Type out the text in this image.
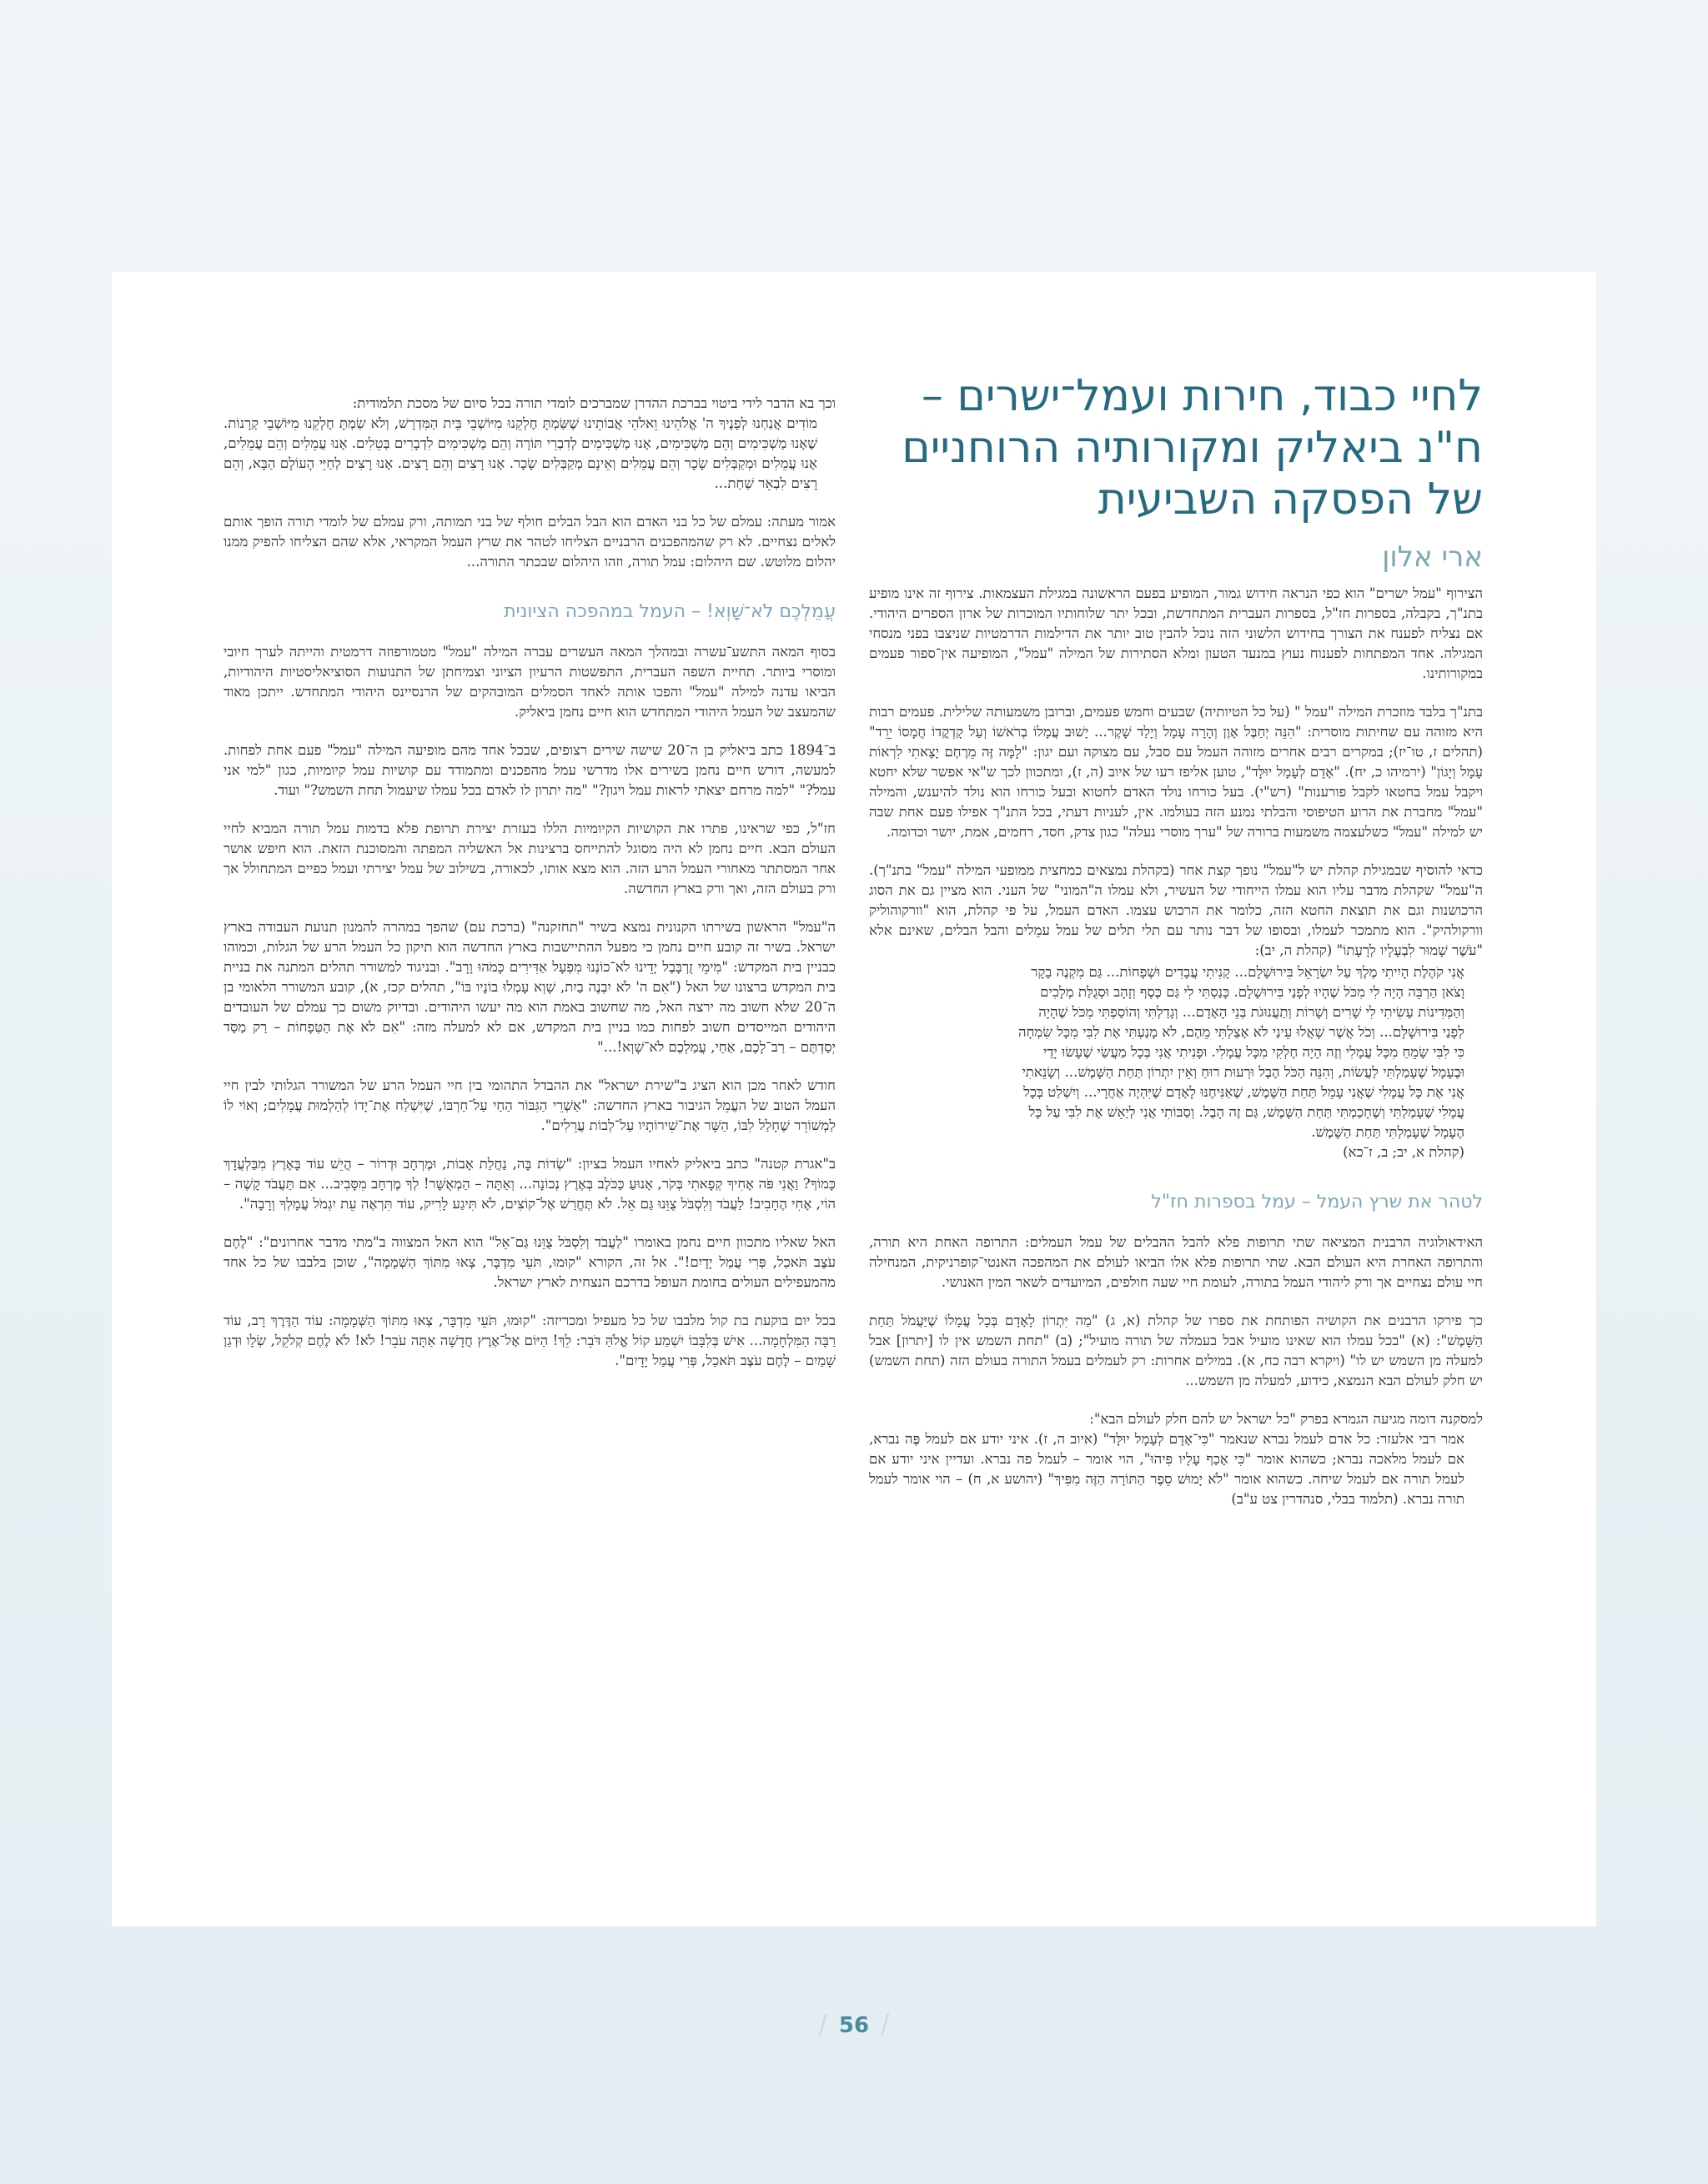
לחיי כבוד, חירות ועמל־ישרים –
ח"נ ביאליק ומקורותיה הרוחניים
של הפסקה השביעית
ארי אלון

הצירוף "עמל ישרים" הוא כפי הנראה חידוש גמור, המופיע בפעם הראשונה במגילת העצמאות. צירוף זה אינו מופיע בתנ"ך, בקבלה, בספרות חז"ל, בספרות העברית המתחדשת, ובכל יתר שלוחותיו המוכרות של ארון הספרים היהודי. אם נצליח לפענח את הצורך בחידוש הלשוני הזה נוכל להבין טוב יותר את הדילמות הדרמטיות שניצבו בפני מנסחי המגילה. אחד המפתחות לפענוח נעוץ במנעד הטעון ומלא הסתירות של המילה "עמל", המופיעה אין־ספור פעמים במקורותינו.

בתנ"ך בלבד מוזכרת המילה "עמל " (על כל הטיותיה) שבעים וחמש פעמים, וברובן משמעותה שלילית. פעמים רבות היא מזוהה עם שחיתות מוסרית: "הִנֵּה יְחַבֶּל אָוֶן וְהָרָה עָמָל וְיָלַד שָׁקֶר... יָשׁוּב עֲמָלוֹ בְרֹאשׁוֹ וְעַל קָדְקֳדוֹ חֲמָסוֹ יֵרֵד" (תהלים ז, טו־יז); במקרים רבים אחרים מזוהה העמל עם סבל, עם מצוקה ועם יגון: "לָמָּה זֶּה מֵרֶחֶם יָצָאתִי לִרְאוֹת עָמָל וְיָגוֹן" (ירמיהו כ, יח). "אָדָם לְעָמָל יוּלָּד", טוען אליפז רעו של איוב (ה, ז), ומתכוון לכך ש"אי אפשר שלא יחטא ויקבל עמל בחטאו לקבל פורענות" (רש"י). בעל כורחו נולד האדם לחטוא ובעל כורחו הוא נולד להיענש, והמילה "עמל" מחברת את הרוע הטיפוסי והבלתי נמנע הזה בעולמו. אין, לעניות דעתי, בכל התנ"ך אפילו פעם אחת שבה יש למילה "עמל" כשלעצמה משמעות ברורה של "ערך מוסרי נעלה" כגון צדק, חסד, רחמים, אמת, יושר וכדומה.

כדאי להוסיף שבמגילת קהלת יש ל"עמל" נופך קצת אחר (בקהלת נמצאים כמחצית ממופעי המילה "עמל" בתנ"ך). ה"עמל" שקהלת מדבר עליו הוא עמלו הייחודי של העשיר, ולא עמלו ה"המוני" של העני. הוא מציין גם את הסוג הרכושנות וגם את תוצאת החטא הזה, כלומר את הרכוש עצמו. האדם העמל, על פי קהלת, הוא "וורקוהוליק וורקולהיק". הוא מתמכר לעמלו, ובסופו של דבר נותר עם תלי תלים של עמל עמֵלים והבל הבלים, שאינם אלא "עֹשֶׁר שָׁמוּר לִבְעָלָיו לְרָעָתוֹ" (קהלת ה, יב):

אֲנִי קֹהֶלֶת הָיִיתִי מֶלֶךְ עַל יִשְׂרָאֵל בִּירוּשָׁלָם... קָנִיתִי עֲבָדִים וּשְׁפָחוֹת... גַּם מִקְנֶה בָקָר
וָצֹאן הַרְבֵּה הָיָה לִי מִכֹּל שֶׁהָיוּ לְפָנַי בִּירוּשָׁלָם. כָּנַסְתִּי לִי גַּם כֶּסֶף וְזָהָב וּסְגֻלַּת מְלָכִים
וְהַמְּדִינוֹת עָשִׂיתִי לִי שָׁרִים וְשָׁרוֹת וְתַעֲנוּגֹת בְּנֵי הָאָדָם... וְגָדַלְתִּי וְהוֹסַפְתִּי מִכֹּל שֶׁהָיָה
לְפָנַי בִּירוּשָׁלָם... וְכֹל אֲשֶׁר שָׁאֲלוּ עֵינַי לֹא אָצַלְתִּי מֵהֶם, לֹא מָנַעְתִּי אֶת לִבִּי מִכָּל שִׂמְחָה
כִּי לִבִּי שָׂמֵחַ מִכָּל עֲמָלִי וְזֶה הָיָה חֶלְקִי מִכָּל עֲמָלִי. וּפָנִיתִי אֲנִי בְּכָל מַעֲשַׂי שֶׁעָשׂוּ יָדַי
וּבֶעָמָל שֶׁעָמַלְתִּי לַעֲשׂוֹת, וְהִנֵּה הַכֹּל הֶבֶל וּרְעוּת רוּחַ וְאֵין יִתְרוֹן תַּחַת הַשָּׁמֶשׁ... וְשָׂנֵאתִי
אֲנִי אֶת כָּל עֲמָלִי שֶׁאֲנִי עָמֵל תַּחַת הַשָּׁמֶשׁ, שֶׁאַנִּיחֶנּוּ לָאָדָם שֶׁיִּהְיֶה אַחֲרָי... וְיִשְׁלַט בְּכָל
עֲמָלִי שֶׁעָמַלְתִּי וְשֶׁחָכַמְתִּי תַּחַת הַשָּׁמֶשׁ, גַּם זֶה הָבֶל. וְסַבּוֹתִי אֲנִי לְיַאֵשׁ אֶת לִבִּי עַל כָּל
הֶעָמָל שֶׁעָמַלְתִּי תַּחַת הַשָּׁמֶשׁ.
(קהלת א, יב; ב, ז־כא)
לטהר את שרץ העמל – עמל בספרות חז"ל

האידאולוגיה הרבנית המציאה שתי תרופות פלא להבל ההבלים של עמל העמלים: התרופה האחת היא תורה, והתרופה האחרת היא העולם הבא. שתי תרופות פלא אלו הביאו לעולם את המהפכה האנטי־קופרניקית, המנחילה חיי עולם נצחיים אך ורק ליהודי העמל בתורה, לעומת חיי שעה חולפים, המיועדים לשאר המין האנושי.

כך פירקו הרבנים את הקושיה הפותחת את ספרו של קהלת (א, ג) "מַה יִּתְרוֹן לָאָדָם בְּכָל עֲמָלוֹ שֶׁיַּעֲמֹל תַּחַת הַשָּׁמֶשׁ": (א) "בכל עמלו הוא שאינו מועיל אבל בעמלה של תורה מועיל"; (ב) "תחת השמש אין לו [יתרון] אבל למעלה מן השמש יש לו" (ויקרא רבה כח, א). במילים אחרות: רק לעמלים בעמל התורה בעולם הזה (תחת השמש) יש חלק לעולם הבא הנמצא, כידוע, למעלה מן השמש...

למסקנה דומה מגיעה הגמרא בפרק "כל ישראל יש להם חלק לעולם הבא":

אמר רבי אלעזר: כל אדם לעמל נברא שנאמר "כִּי־אָדָם לְעָמָל יוּלָּד" (איוב ה, ז). איני יודע אם לעמל פֶּה נברא, אם לעמל מלאכה נברא; כשהוא אומר "כִּי אָכַף עָלָיו פִּיהוּ", הוי אומר – לעמל פה נברא. ועדיין איני יודע אם לעמל תורה אם לעמל שיחה. כשהוא אומר "לֹא יָמוּשׁ סֵפֶר הַתּוֹרָה הַזֶּה מִפִּיךָ" (יהושע א, ח) – הוי אומר לעמל תורה נברא. (תלמוד בבלי, סנהדרין צט ע"ב)

וכך בא הדבר לידי ביטוי בברכת ההדרן שמברכים לומדי תורה בכל סיום של מסכת תלמודית:

מוֹדִים אֲנַחְנוּ לְפָנֶיךָ ה' אֱלֹהֵינוּ וֵאלֹהֵי אֲבוֹתֵינוּ שֶׁשַּׂמְתָּ חֶלְקֵנוּ מִיּוֹשְׁבֵי בֵּית הַמִּדְרָשׁ, וְלֹא שַׂמְתָּ חֶלְקֵנוּ מִיּוֹשְׁבֵי קְרָנוֹת. שֶׁאָנוּ מַשְׁכִּימִים וְהֵם מַשְׁכִּימִים, אָנוּ מַשְׁכִּימִים לְדִבְרֵי תּוֹרָה וְהֵם מַשְׁכִּימִים לִדְבָרִים בְּטֵלִים. אָנוּ עֲמֵלִים וְהֵם עֲמֵלִים, אָנוּ עֲמֵלִים וּמְקַבְּלִים שָׂכָר וְהֵם עֲמֵלִים וְאֵינָם מְקַבְּלִים שָׂכָר. אָנוּ רָצִים וְהֵם רָצִים. אָנוּ רָצִים לְחַיֵּי הָעוֹלָם הַבָּא, וְהֵם רָצִים לִבְאֵר שַׁחַת...

אמור מעתה: עמלם של כל בני האדם הוא הבל הבלים חולף של בני תמותה, ורק עמלם של לומדי תורה הופך אותם לאלים נצחיים. לא רק שהמהפכנים הרבניים הצליחו לטהר את שרץ העמל המקראי, אלא שהם הצליחו להפיק ממנו יהלום מלוטש. שם היהלום: עמל תורה, וזהו היהלום שבכתר התורה...

עֲמֵלְכֶם לֹא־שָׁוְא! – העמל במהפכה הציונית

בסוף המאה התשע־עשרה ובמהלך המאה העשרים עברה המילה "עמל" מטמורפוזה דרמטית והייתה לערך חיובי ומוסרי ביותר. תחיית השפה העברית, התפשטות הרעיון הציוני וצמיחתן של התנועות הסוציאליסטיות היהודיות, הביאו עדנה למילה "עמל" והפכו אותה לאחד הסמלים המובהקים של הרנסיינס היהודי המתחדש. ייתכן מאוד שהמעצב של העמל היהודי המתחדש הוא חיים נחמן ביאליק.

ב־1894 כתב ביאליק בן ה־20 שישה שירים רצופים, שבכל אחד מהם מופיעה המילה "עמל" פעם אחת לפחות. למעשה, דורש חיים נחמן בשירים אלו מדרשי עמל מהפכנים ומתמודד עם קושיות עמל קיומיות, כגון "למי אני עמל?" "למה מרחם יצאתי לראות עמל ויגון?" "מה יתרון לו לאדם בכל עמלו שיעמול תחת השמש?" ועוד.

חז"ל, כפי שראינו, פתרו את הקושיות הקיומיות הללו בעזרת יצירת תרופת פלא בדמות עמל תורה המביא לחיי העולם הבא. חיים נחמן לא היה מסוגל להתייחס ברצינות אל האשליה המפתה והמסוכנת הזאת. הוא חיפש אושר אחר המסתתר מאחורי העמל הרע הזה. הוא מצא אותו, לכאורה, בשילוב של עמל יצירתי ועמל כפיים המתחולל אך ורק בעולם הזה, ואך ורק בארץ החדשה.

ה"עמל" הראשון בשירתו הקנונית נמצא בשיר "תחזקנה" (ברכת עם) שהפך במהרה להמנון תנועת העבודה בארץ ישראל. בשיר זה קובע חיים נחמן כי מפעל ההתיישבות בארץ החדשה הוא תיקון כל העמל הרע של הגלות, וכמוהו כבניין בית המקדש: "מִימֵי זֻרְבָּבֶל יָדֵינוּ לֹא־כוֹנְנוּ מִפְעָל אַדִּירִים כָּמֹהוּ וָרָב". ובניגוד למשורר תהלים המתנה את בניית בית המקדש ברצונו של האל ("אִם ה' לֹא יִבְנֶה בַיִת, שָׁוְא עָמְלוּ בוֹנָיו בּוֹ", תהלים קכז, א), קובע המשורר הלאומי בן ה־20 שלא חשוב מה ירצה האל, מה שחשוב באמת הוא מה יעשו היהודים. ובדיוק משום כך עמלם של העובדים היהודים המייסדים חשוב לפחות כמו בניין בית המקדש, אם לא למעלה מזה: "אִם לֹא אֶת הַטְּפָחוֹת – רַק מַסַּד יְסַדְתֶּם – רַב־לָכֶם, אַחַי, עֲמַלְכֶם לֹא־שָׁוְא!..."

חודש לאחר מכן הוא הציג ב"שירת ישראל" את ההבדל התהומי בין חיי העמל הרע של המשורר הגלותי לבין חיי העמל הטוב של העֲמֵל הגיבור בארץ החדשה: "אַשְׁרֵי הַגִּבּוֹר הַחַי עַל־חַרְבּוֹ, שֶׁיִּשְׁלַח אֶת־יָדוֹ לְהַלְמוּת עֲמָלִים; וְאוֹי לוֹ לַמְשׁוֹרֵר שֶׁחָלַל לִבּוֹ, הַשָּׁר אֶת־שִׁירוֹתָיו עַל־לְבוֹת עֲרֵלִים".

ב"אגרת קטנה" כתב ביאליק לאחיו העמל בציון: "שְׂדוֹת בָּה, נַחֲלַת אָבוֹת, וּמֶרְחָב וּדְרוֹר – הֲיֵשׁ עוֹד בָּאָרֶץ מִבַּלְעֲדָךְ כָּמוֹךָ? וַאֲנִי פֹּה אָחִיךָ קְפָאתִי בְּקֹר, אָנוּעַ כַּכֹּלֶב בְּאֶרֶץ נְכוֹנָה... וְאַתָּה – הַמְאֻשָּׁר! לְךָ מֶרְחָב מִסָּבִיב... אִם תַּעֲבֹד קָשֶׁה – הוֹי, אָחִי הֶחָבִיב! לַעֲבֹד וְלִסְבֹּל צֻוֵּנוּ גַּם אֵל. לֹא תֶּחֱרַשׁ אֶל־קוֹצִים, לֹא תִּיגַע לָרִיק, עוֹד תִּרְאֶה עֵת יִגְמֹל עֲמָלְךָ וְרָבָה".

האל שאליו מתכוון חיים נחמן באומרו "לַעֲבֹד וְלִסְבֹּל צֻוֵּנוּ גַּם־אֵל" הוא האל המצווה ב"מתי מדבר אחרונים": "לֶחֶם עֹצֶב תֹּאכַל, פְּרִי עֲמַל יָדָיִם!". אל זה, הקורא "קוּמוּ, תֹּעֵי מִדְבָּר, צְאוּ מִתּוֹךְ הַשְּׁמָמָה", שוכן בלבבו של כל אחד מהמעפילים העולים בחומת העופל בדרכם הנצחית לארץ ישראל.

בכל יום בוקעת בת קול מלבבו של כל מעפיל ומכריזה: "קוּמוּ, תֹּעֵי מִדְבָּר, צְאוּ מִתּוֹךְ הַשְּׁמָמָה: עוֹד הַדֶּרֶךְ רָב, עוֹד רַבָּה הַמִּלְחָמָה... אִישׁ בְּלִבָּבוֹ יִשְׁמַע קוֹל אֱלֹהַּ דֹּבֵר: לֵךְ! הַיּוֹם אֶל־אֶרֶץ חֲדָשָׁה אַתָּה עֹבֵר! לֹא! לֹא לֶחֶם קְלֹקֵל, שְׂלָו וּדְגַן שָׁמַיִם – לֶחֶם עֹצֶב תֹּאכַל, פְּרִי עֲמַל יָדָיִם".

/56/
